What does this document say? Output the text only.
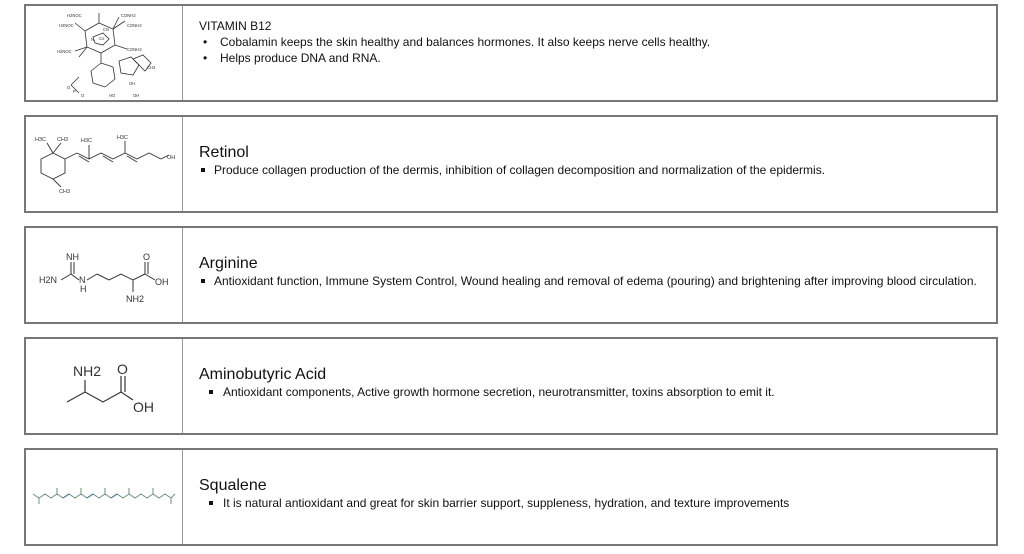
H2NOC	CONH2
H2NOC	CONH2
H2NOC	CONH2
OH
CH3
O
P
O	HO	OH
N Co
CN	VITAMIN B12
• Cobalamin keeps the skin healthy and balances hormones. It also keeps nerve cells healthy.
• Helps produce DNA and RNA.
H3C CH3 H3C	H3C
CH3
OH Retinol
Produce collagen production of the dermis, inhibition of collagen decomposition and normalization of the epidermis.
NH
H2N N
H
O
OH
NH2
Arginine
Antioxidant function, Immune System Control, Wound healing and removal of edema (pouring) and brightening after improving blood circulation.
NH2 O
OH
Aminobutyric Acid
Antioxidant components, Active growth hormone secretion, neurotransmitter, toxins absorption to emit it.
Squalene
It is natural antioxidant and great for skin barrier support, suppleness, hydration, and texture improvements
